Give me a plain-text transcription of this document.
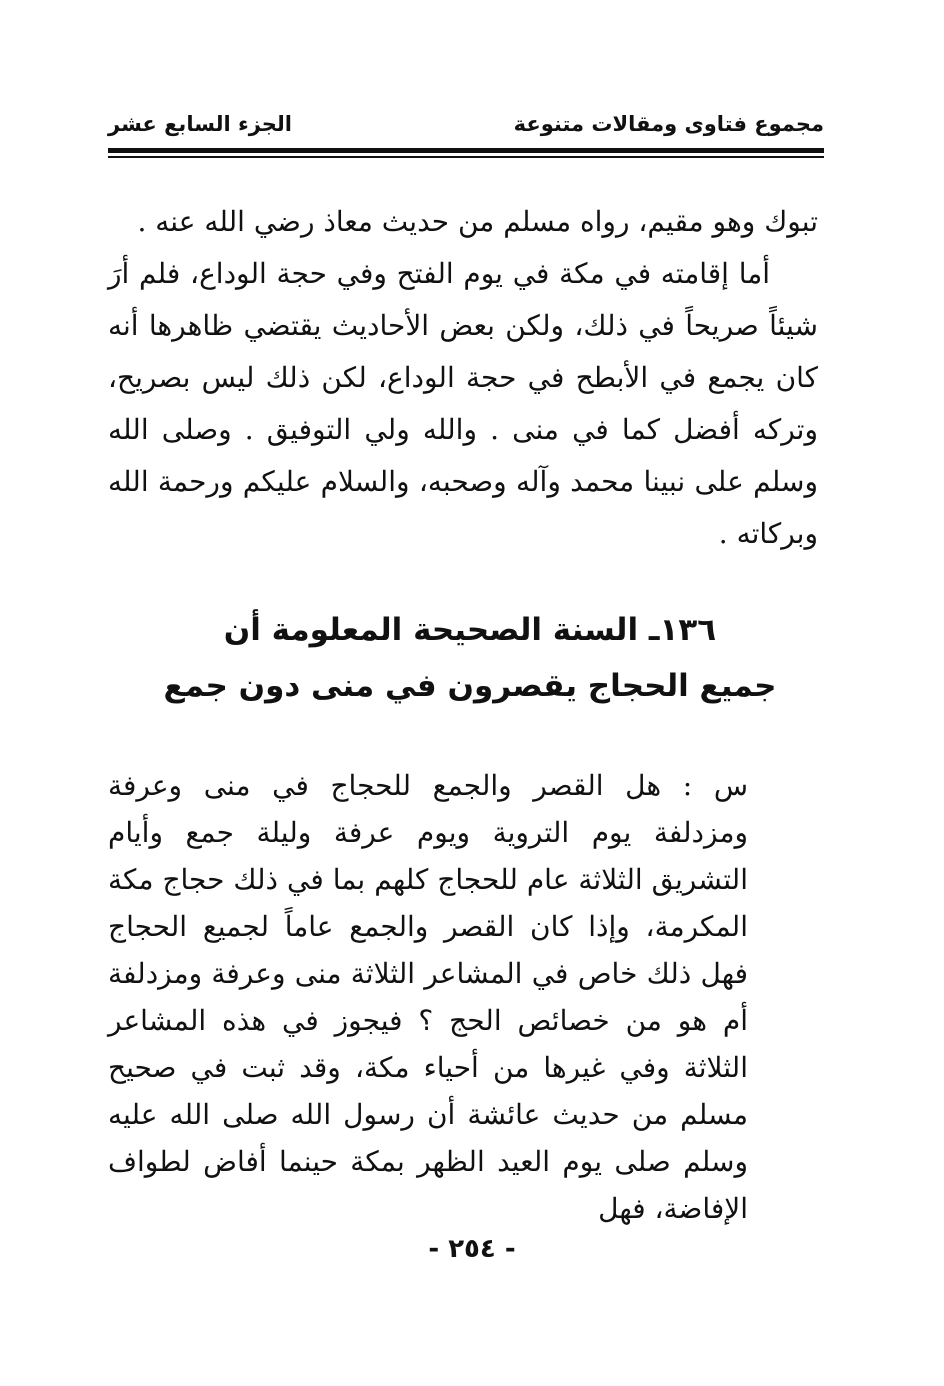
مجموع فتاوى ومقالات متنوعة
الجزء السابع عشر

تبوك وهو مقيم، رواه مسلم من حديث معاذ رضي الله عنه .

أما إقامته في مكة في يوم الفتح وفي حجة الوداع، فلم أرَ شيئاً صريحاً في ذلك، ولكن بعض الأحاديث يقتضي ظاهرها أنه كان يجمع في الأبطح في حجة الوداع، لكن ذلك ليس بصريح، وتركه أفضل كما في منى . والله ولي التوفيق . وصلى الله وسلم على نبينا محمد وآله وصحبه، والسلام عليكم ورحمة الله وبركاته .

١٣٦ـ السنة الصحيحة المعلومة أن
جميع الحجاج يقصرون في منى دون جمع

س : هل القصر والجمع للحجاج في منى وعرفة ومزدلفة يوم التروية ويوم عرفة وليلة جمع وأيام التشريق الثلاثة عام للحجاج كلهم بما في ذلك حجاج مكة المكرمة، وإذا كان القصر والجمع عاماً لجميع الحجاج فهل ذلك خاص في المشاعر الثلاثة منى وعرفة ومزدلفة أم هو من خصائص الحج ؟ فيجوز في هذه المشاعر الثلاثة وفي غيرها من أحياء مكة، وقد ثبت في صحيح مسلم من حديث عائشة أن رسول الله صلى الله عليه وسلم صلى يوم العيد الظهر بمكة حينما أفاض لطواف الإفاضة، فهل

- ٢٥٤ -
